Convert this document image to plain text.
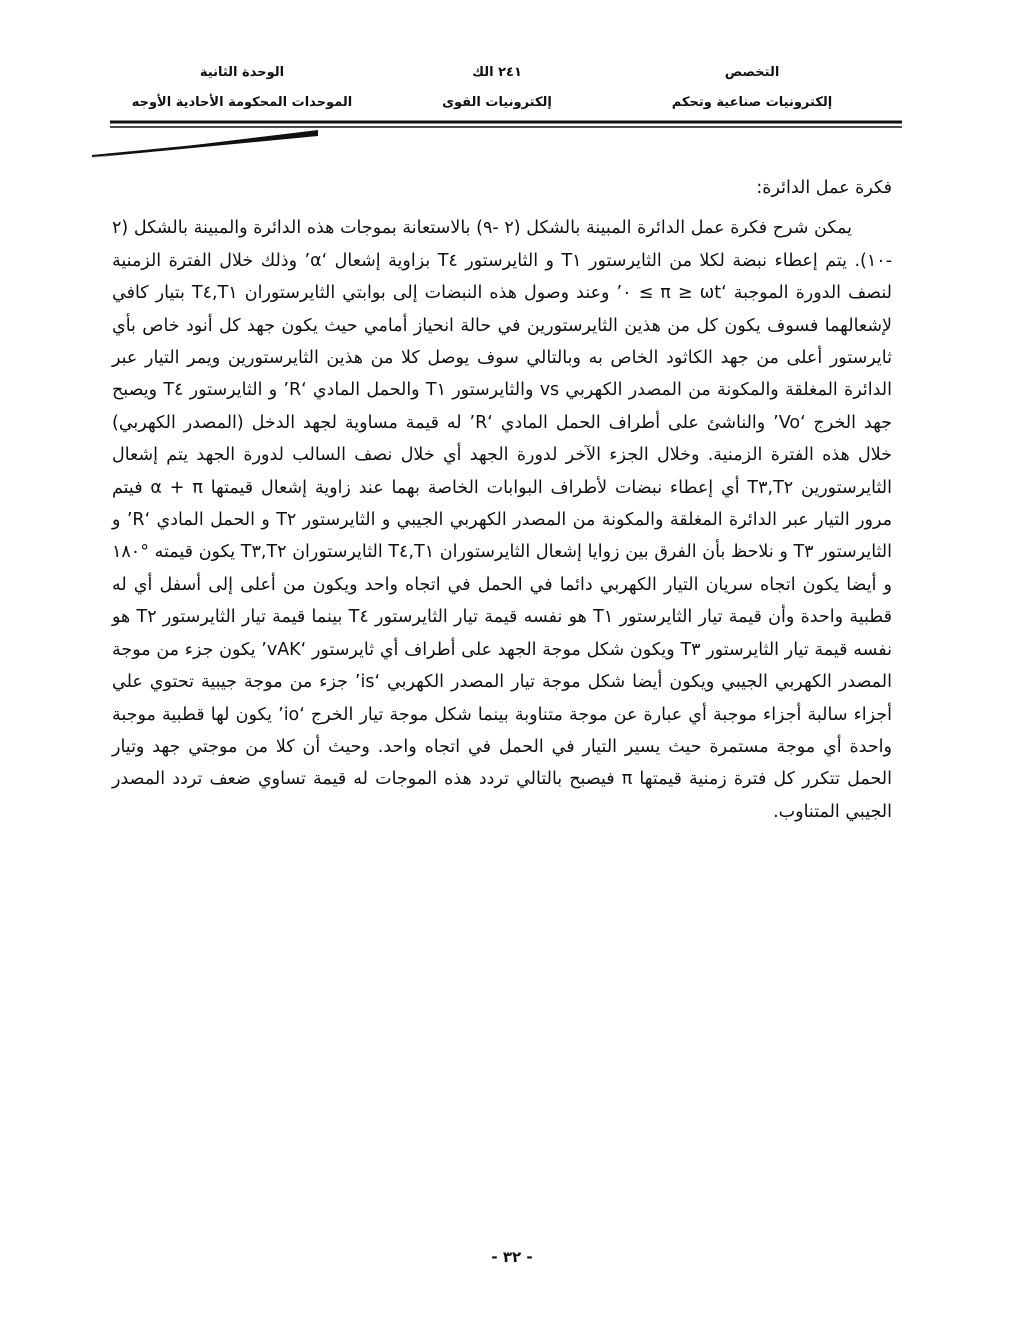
التخصص
إلكترونيات صناعية وتحكم
٢٤١ الك
إلكترونيات القوى
الوحدة الثانية
الموحدات المحكومة الأحادية الأوجه

فكرة عمل الدائرة:

يمكن شرح فكرة عمل الدائرة المبينة بالشكل (٢ -٩) بالاستعانة بموجات هذه الدائرة والمبينة بالشكل (٢ -١٠). يتم إعطاء نبضة لكلا من الثايرستور T١ و الثايرستور T٤ بزاوية إشعال ‘α’ وذلك خلال الفترة الزمنية لنصف الدورة الموجبة ‘π ≥ ωt ≥ ٠’ وعند وصول هذه النبضات إلى بوابتي الثايرستوران T١,T٤ بتيار كافي لإشعالهما فسوف يكون كل من هذين الثايرستورين في حالة انحياز أمامي حيث يكون جهد كل أنود خاص بأي ثايرستور أعلى من جهد الكاثود الخاص به وبالتالي سوف يوصل كلا من هذين الثايرستورين ويمر التيار عبر الدائرة المغلقة والمكونة من المصدر الكهربي vs والثايرستور T١ والحمل المادي ‘R’ و الثايرستور T٤ ويصبح جهد الخرج ‘Vo’ والناشئ على أطراف الحمل المادي ‘R’ له قيمة مساوية لجهد الدخل (المصدر الكهربي) خلال هذه الفترة الزمنية. وخلال الجزء الآخر لدورة الجهد أي خلال نصف السالب لدورة الجهد يتم إشعال الثايرستورين T٢,T٣ أي إعطاء نبضات لأطراف البوابات الخاصة بهما عند زاوية إشعال قيمتها α + π فيتم مرور التيار عبر الدائرة المغلقة والمكونة من المصدر الكهربي الجيبي و الثايرستور T٢ و الحمل المادي ‘R’ و الثايرستور T٣ و نلاحظ بأن الفرق بين زوايا إشعال الثايرستوران T١,T٤ الثايرستوران T٢,T٣ يكون قيمته °١٨٠ و أيضا يكون اتجاه سريان التيار الكهربي دائما في الحمل في اتجاه واحد ويكون من أعلى إلى أسفل أي له قطبية واحدة وأن قيمة تيار الثايرستور T١ هو نفسه قيمة تيار الثايرستور T٤ بينما قيمة تيار الثايرستور T٢ هو نفسه قيمة تيار الثايرستور T٣ ويكون شكل موجة الجهد على أطراف أي ثايرستور ‘vAK’ يكون جزء من موجة المصدر الكهربي الجيبي ويكون أيضا شكل موجة تيار المصدر الكهربي ‘is’ جزء من موجة جيبية تحتوي علي أجزاء سالبة أجزاء موجبة أي عبارة عن موجة متناوبة بينما شكل موجة تيار الخرج ‘io’ يكون لها قطبية موجبة واحدة أي موجة مستمرة حيث يسير التيار في الحمل في اتجاه واحد. وحيث أن كلا من موجتي جهد وتيار الحمل تتكرر كل فترة زمنية قيمتها π فيصبح بالتالي تردد هذه الموجات له قيمة تساوي ضعف تردد المصدر الجيبي المتناوب.

- ٣٢ -
